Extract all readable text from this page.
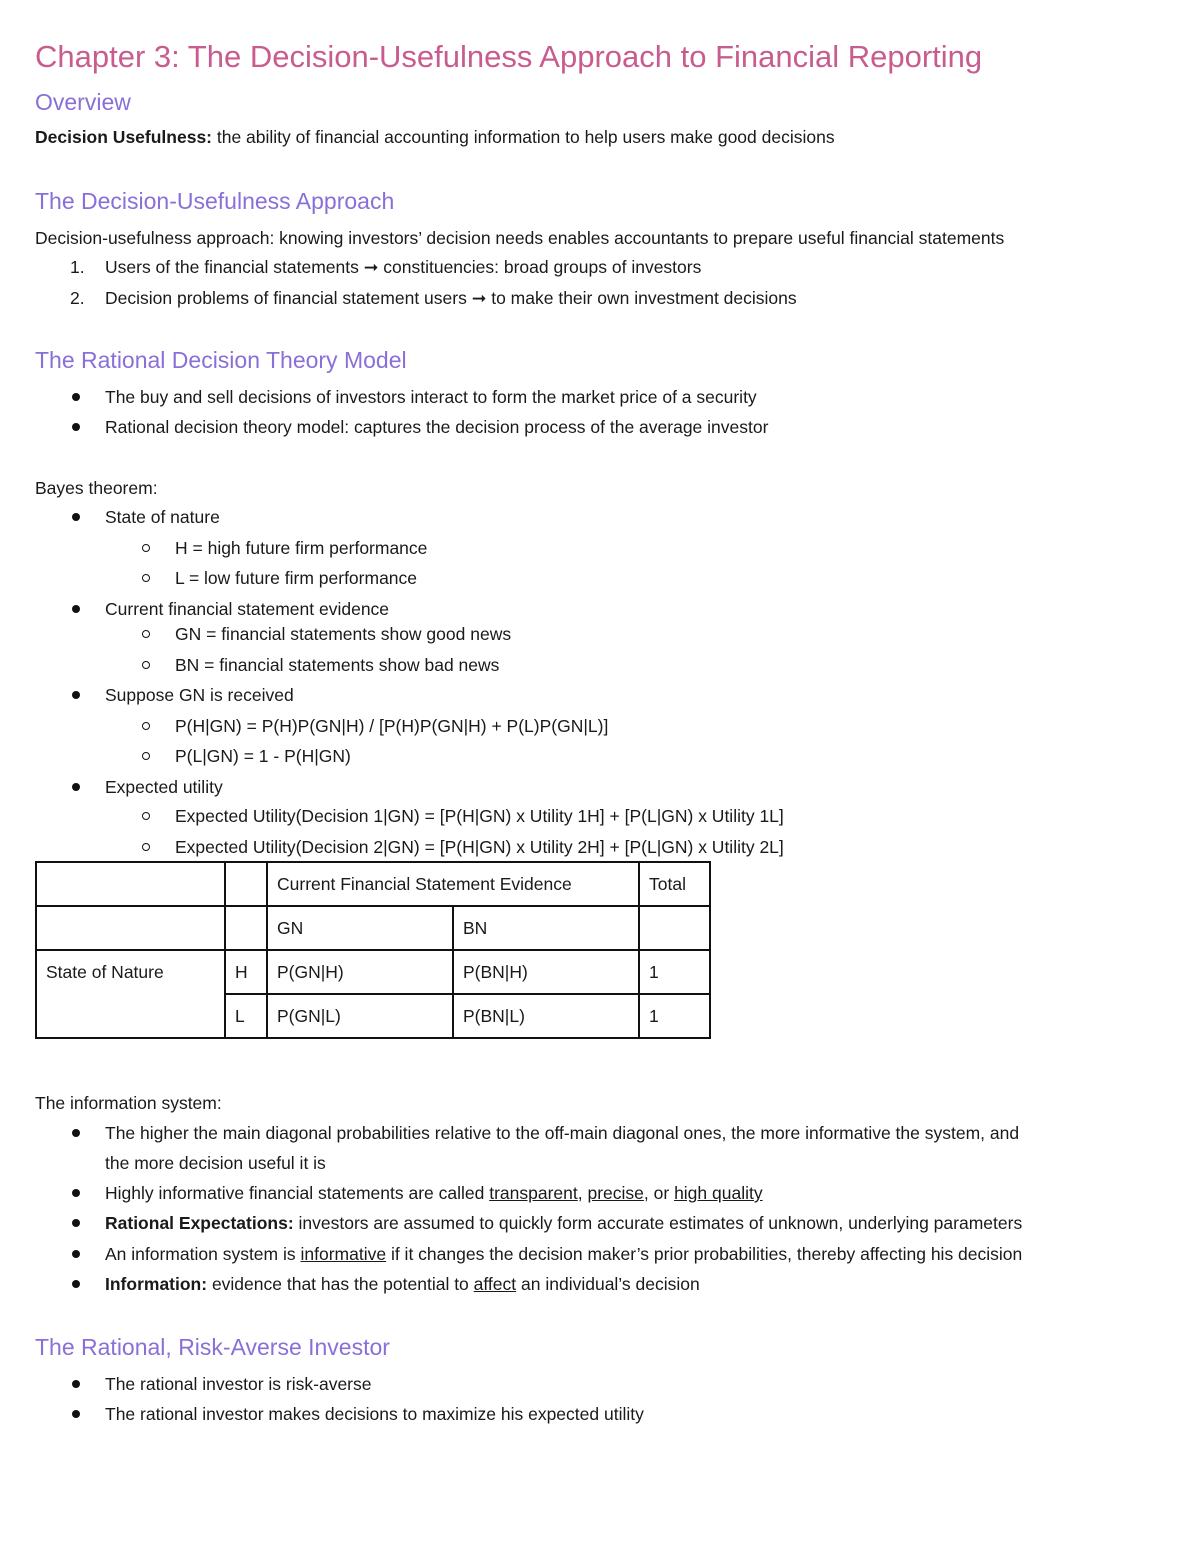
Chapter 3: The Decision-Usefulness Approach to Financial Reporting
Overview
Decision Usefulness: the ability of financial accounting information to help users make good decisions
The Decision-Usefulness Approach
Decision-usefulness approach: knowing investors’ decision needs enables accountants to prepare useful financial statements
1. Users of the financial statements ➞ constituencies: broad groups of investors
2. Decision problems of financial statement users ➞ to make their own investment decisions
The Rational Decision Theory Model
The buy and sell decisions of investors interact to form the market price of a security
Rational decision theory model: captures the decision process of the average investor
Bayes theorem:
State of nature
H = high future firm performance
L = low future firm performance
Current financial statement evidence
GN = financial statements show good news
BN = financial statements show bad news
Suppose GN is received
P(H|GN) = P(H)P(GN|H) / [P(H)P(GN|H) + P(L)P(GN|L)]
P(L|GN) = 1 - P(H|GN)
Expected utility
Expected Utility(Decision 1|GN) = [P(H|GN) x Utility 1H] + [P(L|GN) x Utility 1L]
Expected Utility(Decision 2|GN) = [P(H|GN) x Utility 2H] + [P(L|GN) x Utility 2L]
		Current Financial Statement Evidence		Total
		GN	BN	
State of Nature	H	P(GN|H)	P(BN|H)	1
	L	P(GN|L)	P(BN|L)	1
The information system:
The higher the main diagonal probabilities relative to the off-main diagonal ones, the more informative the system, and
the more decision useful it is
Highly informative financial statements are called transparent, precise, or high quality
Rational Expectations: investors are assumed to quickly form accurate estimates of unknown, underlying parameters
An information system is informative if it changes the decision maker’s prior probabilities, thereby affecting his decision
Information: evidence that has the potential to affect an individual’s decision
The Rational, Risk-Averse Investor
The rational investor is risk-averse
The rational investor makes decisions to maximize his expected utility
